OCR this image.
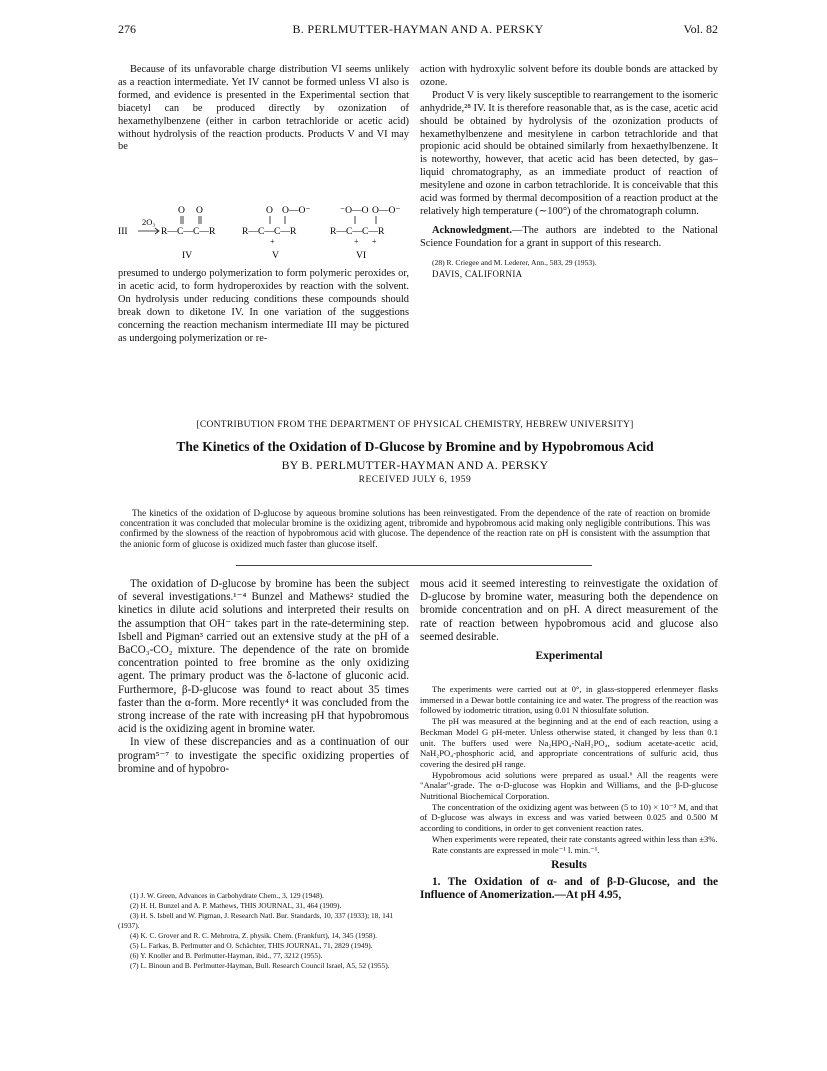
276	B. PERLMUTTER-HAYMAN AND A. PERSKY	Vol. 82

Because of its unfavorable charge distribution VI seems unlikely as a reaction intermediate. Yet IV cannot be formed unless VI also is formed, and evidence is presented in the Experimental section that biacetyl can be produced directly by ozonization of hexamethylbenzene (either in carbon tetrachloride or acetic acid) without hydrolysis of the reaction products. Products V and VI may be

O O	O O—O⁻	⁻O—O O—O⁻
2O₃
III	R—C—C—R	R—C—C—R	R—C—C—R
+	+ +
IV	V	VI

presumed to undergo polymerization to form polymeric peroxides or, in acetic acid, to form hydroperoxides by reaction with the solvent. On hydrolysis under reducing conditions these compounds should break down to diketone IV. In one variation of the suggestions concerning the reaction mechanism intermediate III may be pictured as undergoing polymerization or re-

action with hydroxylic solvent before its double bonds are attacked by ozone.

Product V is very likely susceptible to rearrangement to the isomeric anhydride,²⁸ IV. It is therefore reasonable that, as is the case, acetic acid should be obtained by hydrolysis of the ozonization products of hexamethylbenzene and mesitylene in carbon tetrachloride and that propionic acid should be obtained similarly from hexaethylbenzene. It is noteworthy, however, that acetic acid has been detected, by gas–liquid chromatography, as an immediate product of reaction of mesitylene and ozone in carbon tetrachloride. It is conceivable that this acid was formed by thermal decomposition of a reaction product at the relatively high temperature (∼100°) of the chromatograph column.

Acknowledgment.—The authors are indebted to the National Science Foundation for a grant in support of this research.

(28) R. Criegee and M. Lederer, Ann., 583, 29 (1953).

DAVIS, CALIFORNIA

[CONTRIBUTION FROM THE DEPARTMENT OF PHYSICAL CHEMISTRY, HEBREW UNIVERSITY]
The Kinetics of the Oxidation of D-Glucose by Bromine and by Hypobromous Acid
BY B. PERLMUTTER-HAYMAN AND A. PERSKY
RECEIVED JULY 6, 1959
The kinetics of the oxidation of D-glucose by aqueous bromine solutions has been reinvestigated. From the dependence of the rate of reaction on bromide concentration it was concluded that molecular bromine is the oxidizing agent, tribromide and hypobromous acid making only negligible contributions. This was confirmed by the slowness of the reaction of hypobromous acid with glucose. The dependence of the reaction rate on pH is consistent with the assumption that the anionic form of glucose is oxidized much faster than glucose itself.

The oxidation of D-glucose by bromine has been the subject of several investigations.¹⁻⁴ Bunzel and Mathews² studied the kinetics in dilute acid solutions and interpreted their results on the assumption that OH⁻ takes part in the rate-determining step. Isbell and Pigman³ carried out an extensive study at the pH of a BaCO₃-CO₂ mixture. The dependence of the rate on bromide concentration pointed to free bromine as the only oxidizing agent. The primary product was the δ-lactone of gluconic acid. Furthermore, β-D-glucose was found to react about 35 times faster than the α-form. More recently⁴ it was concluded from the strong increase of the rate with increasing pH that hypobromous acid is the oxidizing agent in bromine water.

In view of these discrepancies and as a continuation of our program⁵⁻⁷ to investigate the specific oxidizing properties of bromine and of hypobro-

(1) J. W. Green, Advances in Carbohydrate Chem., 3, 129 (1948).

(2) H. H. Bunzel and A. P. Mathews, THIS JOURNAL, 31, 464 (1909).

(3) H. S. Isbell and W. Pigman, J. Research Natl. Bur. Standards, 10, 337 (1933); 18, 141 (1937).

(4) K. C. Grover and R. C. Mehrotra, Z. physik. Chem. (Frankfurt), 14, 345 (1958).

(5) L. Farkas, B. Perlmutter and O. Schächter, THIS JOURNAL, 71, 2829 (1949).

(6) Y. Knoller and B. Perlmutter-Hayman, ibid., 77, 3212 (1955).

(7) L. Binoun and B. Perlmutter-Hayman, Bull. Research Council Israel, A5, 52 (1955).

mous acid it seemed interesting to reinvestigate the oxidation of D-glucose by bromine water, measuring both the dependence on bromide concentration and on pH. A direct measurement of the rate of reaction between hypobromous acid and glucose also seemed desirable.

Experimental

The experiments were carried out at 0°, in glass-stoppered erlenmeyer flasks immersed in a Dewar bottle containing ice and water. The progress of the reaction was followed by iodometric titration, using 0.01 N thiosulfate solution.

The pH was measured at the beginning and at the end of each reaction, using a Beckman Model G pH-meter. Unless otherwise stated, it changed by less than 0.1 unit. The buffers used were Na₂HPO₄-NaH₂PO₄, sodium acetate-acetic acid, NaH₂PO₄-phosphoric acid, and appropriate concentrations of sulfuric acid, thus covering the desired pH range.

Hypobromous acid solutions were prepared as usual.⁶ All the reagents were "Analar"-grade. The α-D-glucose was Hopkin and Williams, and the β-D-glucose Nutritional Biochemical Corporation.

The concentration of the oxidizing agent was between (5 to 10) × 10⁻³ M, and that of D-glucose was always in excess and was varied between 0.025 and 0.500 M according to conditions, in order to get convenient reaction rates.

When experiments were repeated, their rate constants agreed within less than ±3%.

Rate constants are expressed in mole⁻¹ l. min.⁻¹.

Results

1. The Oxidation of α- and of β-D-Glucose, and the Influence of Anomerization.—At pH 4.95,
